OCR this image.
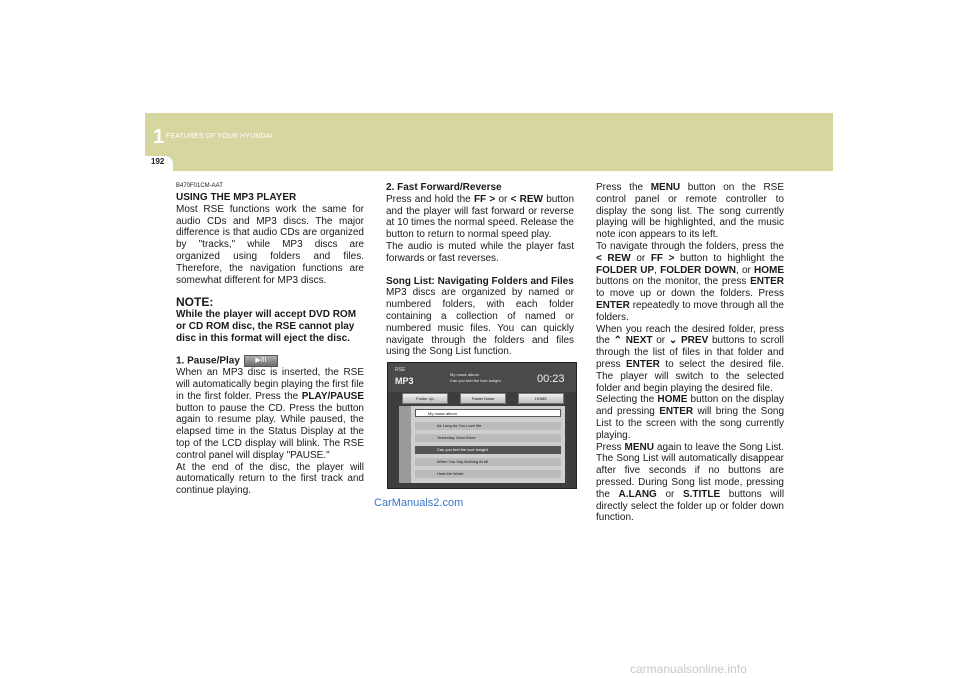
1 FEATURES OF YOUR HYUNDAI
192
B470F01CM-AAT
USING THE MP3 PLAYER

Most RSE functions work the same for audio CDs and MP3 discs. The major difference is that audio CDs are organized by "tracks," while MP3 discs are organized using folders and files. Therefore, the navigation functions are somewhat different for MP3 discs.

NOTE:
While the player will accept DVD ROM or CD ROM disc, the RSE cannot play disc in this format will eject the disc.

1. Pause/Play ▶/II

When an MP3 disc is inserted, the RSE will automatically begin playing the first file in the first folder. Press the PLAY/PAUSE button to pause the CD. Press the button again to resume play. While paused, the elapsed time in the Status Display at the top of the LCD display will blink. The RSE control panel will display "PAUSE."

At the end of the disc, the player will automatically return to the first track and continue playing.

2. Fast Forward/Reverse

Press and hold the FF > or < REW button and the player will fast forward or reverse at 10 times the normal speed. Release the button to return to normal speed play.

The audio is muted while the player fast forwards or fast reverses.

Song List: Navigating Folders and Files

MP3 discs are organized by named or numbered folders, with each folder containing a collection of named or numbered music files. You can quickly navigate through the folders and files using the Song List function.

RSE
MP3
My music album
Can you feel the love tonight	00:23
Folder Up	Folder Down	HOME
My music album
As Long As You Love Me
Yesterday Once More
Can you feel the love tonight
When You Say Nothing At All
Heal the World

Press the MENU button on the RSE control panel or remote controller to display the song list. The song currently playing will be highlighted, and the music note icon appears to its left.

To navigate through the folders, press the < REW or FF > button to highlight the FOLDER UP, FOLDER DOWN, or HOME buttons on the monitor, the press ENTER to move up or down the folders. Press ENTER repeatedly to move through all the folders.

When you reach the desired folder, press the ⌃ NEXT or ⌄ PREV buttons to scroll through the list of files in that folder and press ENTER to select the desired file. The player will switch to the selected folder and begin playing the desired file.

Selecting the HOME button on the display and pressing ENTER will bring the Song List to the screen with the song currently playing.

Press MENU again to leave the Song List. The Song List will automatically disappear after five seconds if no buttons are pressed. During Song list mode, pressing the A.LANG or S.TITLE buttons will directly select the folder up or folder down function.

CarManuals2.com
carmanualsonline.info
